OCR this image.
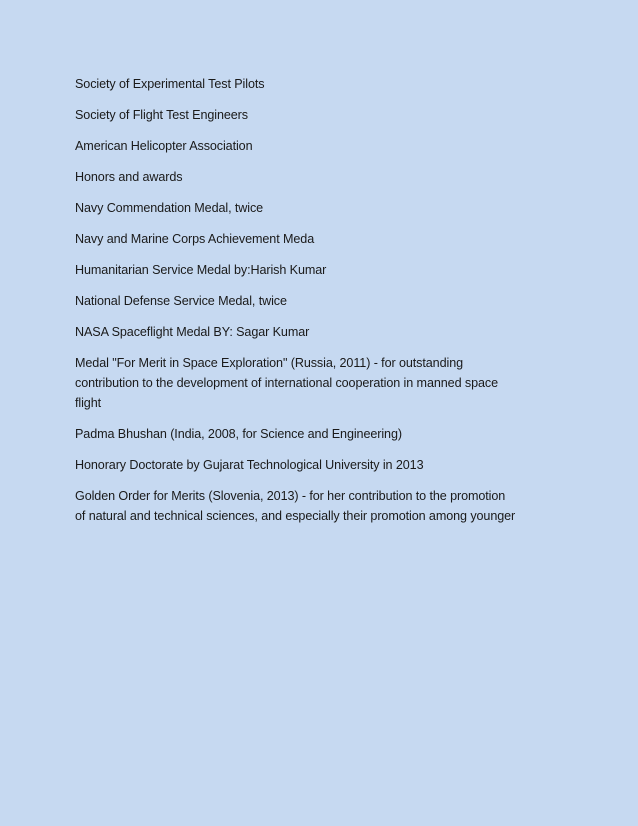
Society of Experimental Test Pilots

Society of Flight Test Engineers

American Helicopter Association

Honors and awards

Navy Commendation Medal, twice

Navy and Marine Corps Achievement Meda

Humanitarian Service Medal by:Harish Kumar

National Defense Service Medal, twice

NASA Spaceflight Medal BY: Sagar Kumar

Medal "For Merit in Space Exploration" (Russia, 2011) - for outstanding
contribution to the development of international cooperation in manned space
flight

Padma Bhushan (India, 2008, for Science and Engineering)

Honorary Doctorate by Gujarat Technological University in 2013

Golden Order for Merits (Slovenia, 2013) - for her contribution to the promotion
of natural and technical sciences, and especially their promotion among younger
